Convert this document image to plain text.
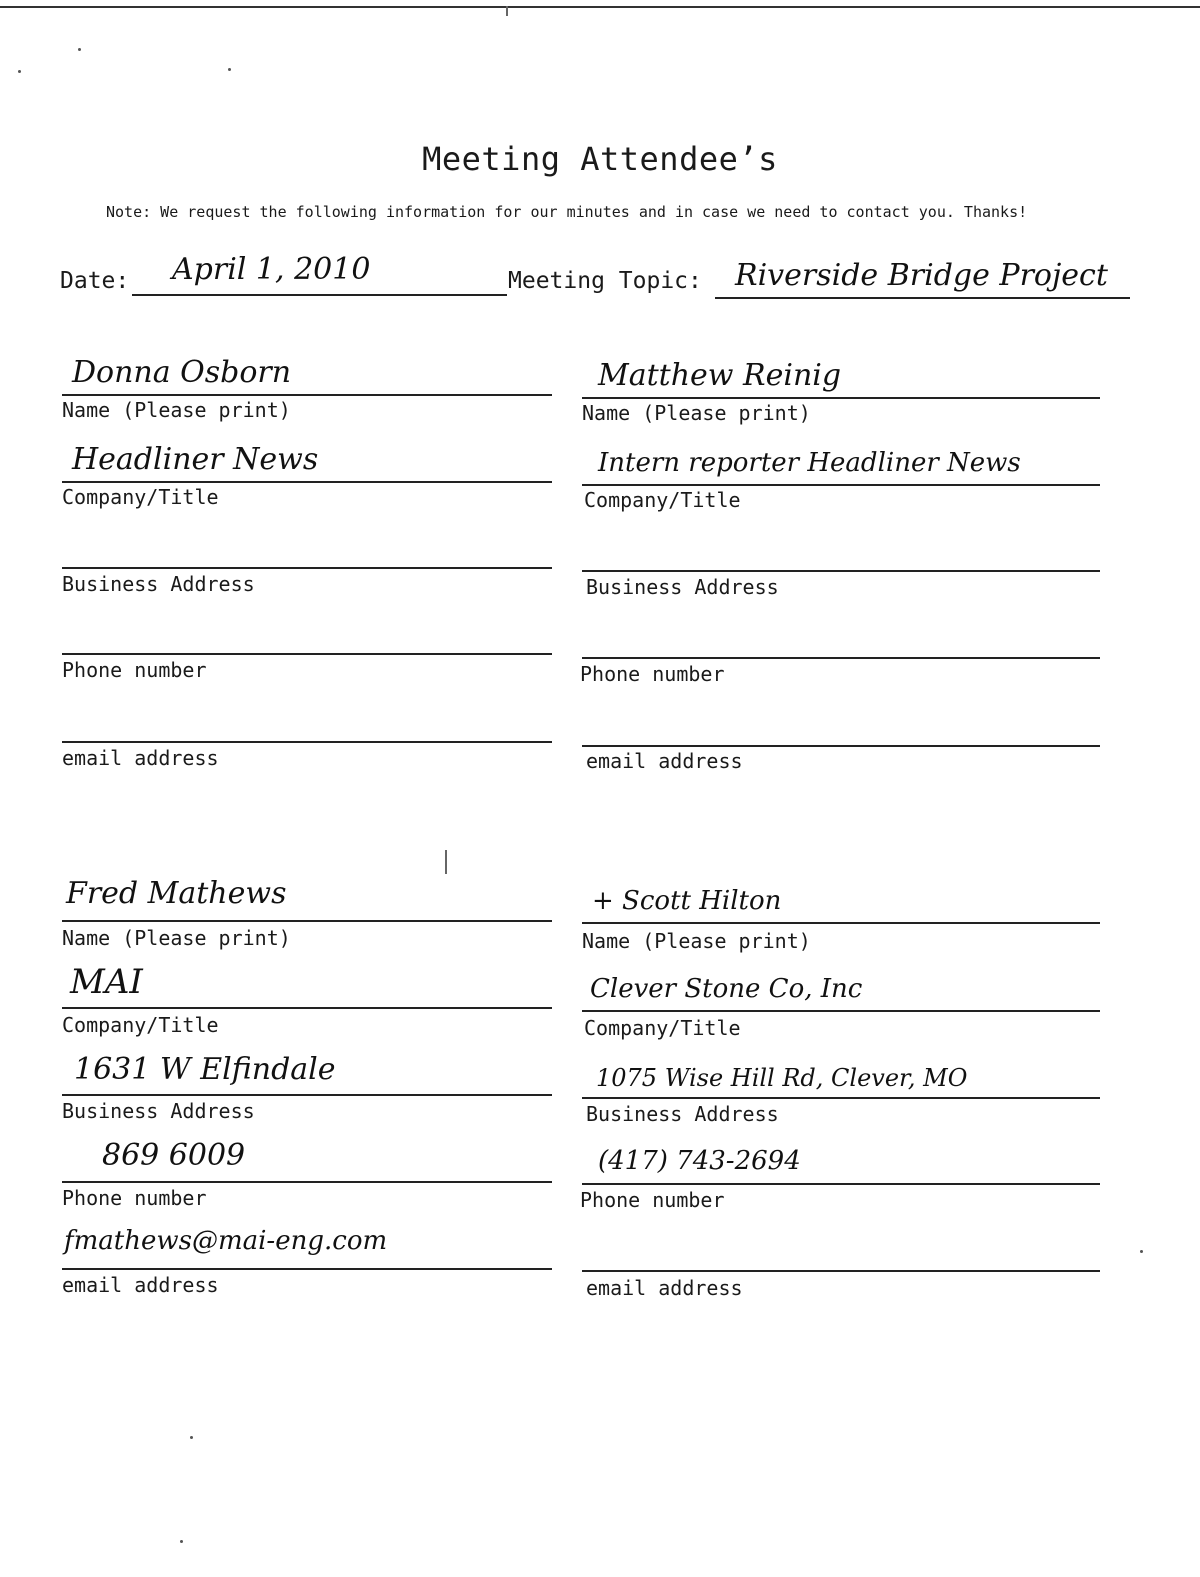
Meeting Attendee’s
Note: We request the following information for our minutes and in case we need to contact you. Thanks!
Date: April 1, 2010	Meeting Topic: Riverside Bridge Project
Donna Osborn
Name (Please print)
Headliner News
Company/Title
Business Address
Phone number
email address
Matthew Reinig
Name (Please print)
Intern reporter Headliner News
Company/Title
Business Address
Phone number
email address
Fred Mathews
Name (Please print)
MAI
Company/Title
1631 W Elfindale
Business Address
869 6009
Phone number
fmathews@mai-eng.com
email address
+ Scott Hilton
Name (Please print)
Clever Stone Co, Inc
Company/Title
1075 Wise Hill Rd, Clever, MO
Business Address
(417) 743-2694
Phone number
email address
